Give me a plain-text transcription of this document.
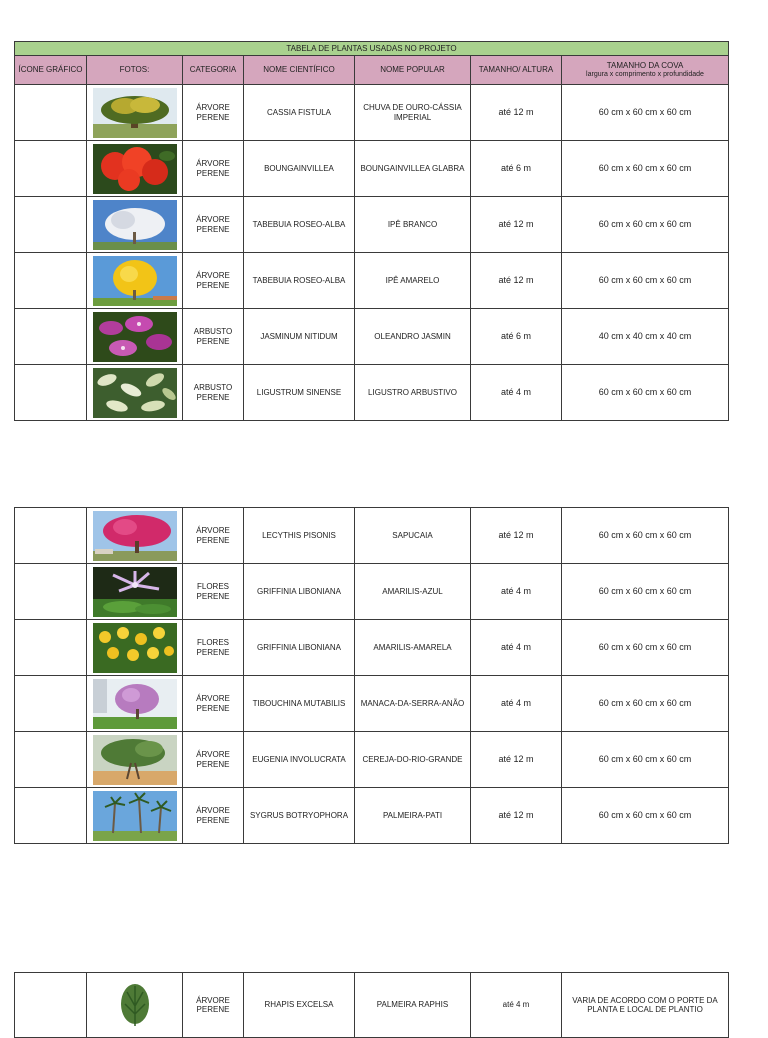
TABELA DE PLANTAS USADAS NO PROJETO						
ÍCONE GRÁFICO	FOTOS:	CATEGORIA	NOME CIENTÍFICO	NOME POPULAR	TAMANHO/ ALTURA	TAMANHO DA COVA
largura x comprimento x profundidade

	ÁRVORE
PERENE	CASSIA FISTULA	CHUVA DE OURO-CÁSSIA
IMPERIAL	até 12 m	60 cm x 60 cm x 60 cm

	ÁRVORE
PERENE	BOUNGAINVILLEA	BOUNGAINVILLEA GLABRA	até 6 m	60 cm x 60 cm x 60 cm

	ÁRVORE
PERENE	TABEBUIA ROSEO-ALBA	IPÊ BRANCO	até 12 m	60 cm x 60 cm x 60 cm

	ÁRVORE
PERENE	TABEBUIA ROSEO-ALBA	IPÊ AMARELO	até 12 m	60 cm x 60 cm x 60 cm

	ARBUSTO
PERENE	JASMINUM NITIDUM	OLEANDRO JASMIN	até 6 m	40 cm x 40 cm x 40 cm

	ARBUSTO
PERENE	LIGUSTRUM SINENSE	LIGUSTRO ARBUSTIVO	até 4 m	60 cm x 60 cm x 60 cm

	ÁRVORE
PERENE	LECYTHIS PISONIS	SAPUCAIA	até 12 m	60 cm x 60 cm x 60 cm

	FLORES
PERENE	GRIFFINIA LIBONIANA	AMARILIS-AZUL	até 4 m	60 cm x 60 cm x 60 cm

	FLORES
PERENE	GRIFFINIA LIBONIANA	AMARILIS-AMARELA	até 4 m	60 cm x 60 cm x 60 cm

	ÁRVORE
PERENE	TIBOUCHINA MUTABILIS	MANACA-DA-SERRA-ANÃO	até 4 m	60 cm x 60 cm x 60 cm

	ÁRVORE
PERENE	EUGENIA INVOLUCRATA	CEREJA-DO-RIO-GRANDE	até 12 m	60 cm x 60 cm x 60 cm

	ÁRVORE
PERENE	SYGRUS BOTRYOPHORA	PALMEIRA-PATI	até 12 m	60 cm x 60 cm x 60 cm

	ÁRVORE
PERENE	RHAPIS EXCELSA	PALMEIRA RAPHIS	até 4 m	VARIA DE ACORDO COM O PORTE DA
PLANTA E LOCAL DE PLANTIO
